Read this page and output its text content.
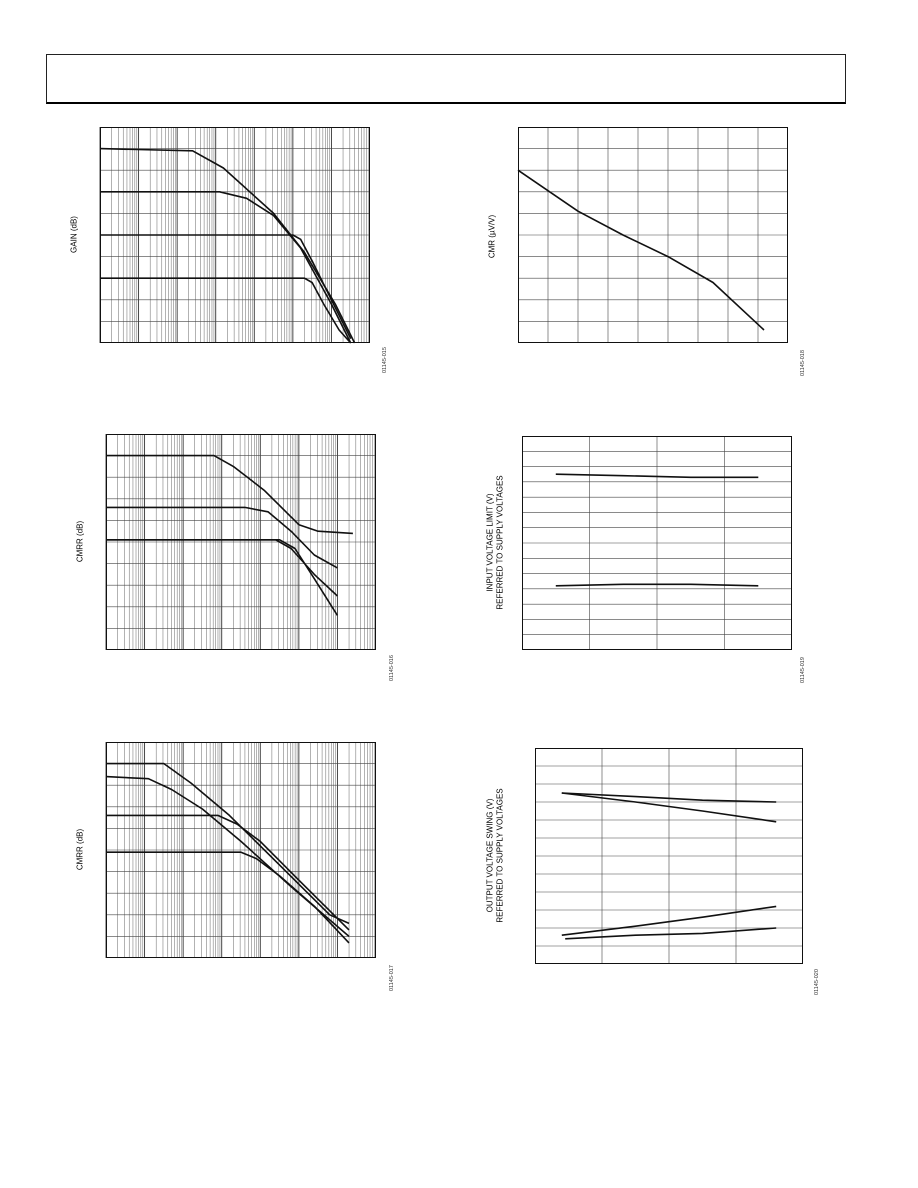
GAIN (dB)
01145-015
CMRR (dB)
01145-016
CMRR (dB)
01145-017
CMR (µV/V)
01145-018
INPUT VOLTAGE LIMIT (V) REFERRED TO SUPPLY VOLTAGES
01145-019
OUTPUT VOLTAGE SWING (V) REFERRED TO SUPPLY VOLTAGES
01145-020
